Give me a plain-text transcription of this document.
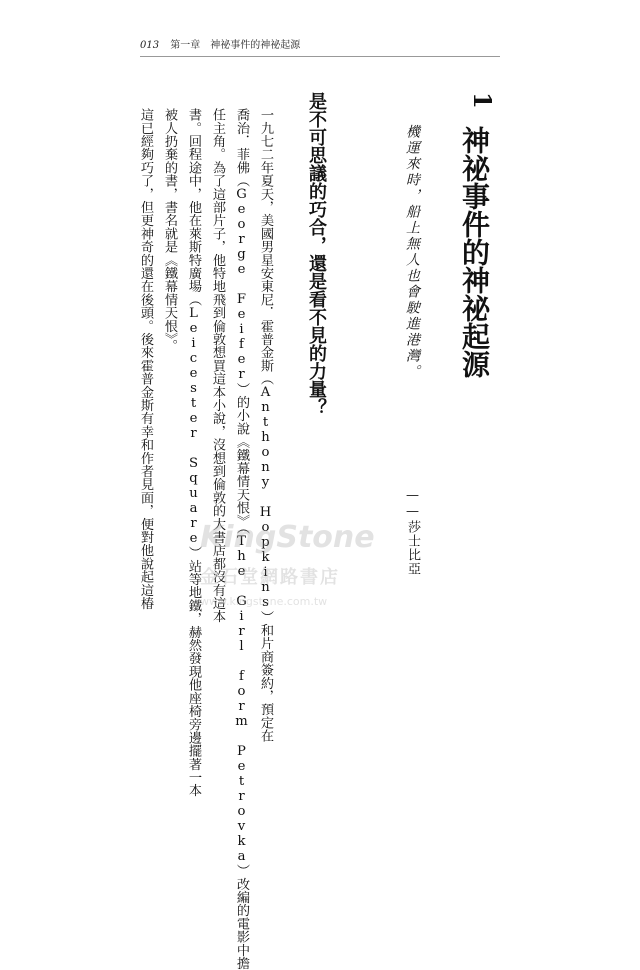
013 第一章　神祕事件的神祕起源
1
神祕事件的神祕起源
機運來時，船上無人也會駛進港灣。
——莎士比亞
是不可思議的巧合，還是看不見的力量？
一九七二年夏天，美國男星安東尼．霍普金斯（Anthony Hopkins）和片商簽約，預定在
喬治．菲佛（George Feifer）的小說《鐵幕情天恨》（The Girl form Petrovka）改編的電影中擔
任主角。為了這部片子，他特地飛到倫敦想買這本小說，沒想到倫敦的大書店都沒有這本
書。回程途中，他在萊斯特廣場（Leicester Square）站等地鐵，赫然發現他座椅旁邊擺著一本
被人扔棄的書，書名就是《鐵幕情天恨》。
這已經夠巧了，但更神奇的還在後頭。後來霍普金斯有幸和作者見面，便對他說起這椿 KingStone
金石堂網路書店
www.kingstone.com.tw
